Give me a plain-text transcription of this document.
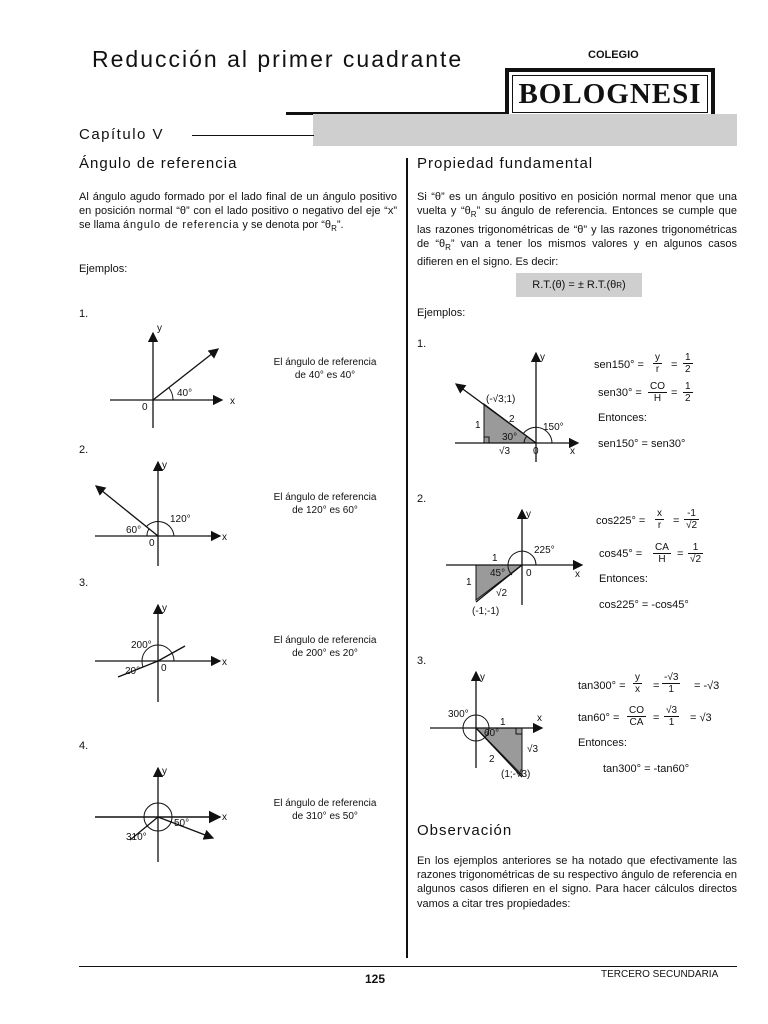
Reducción al primer cuadrante	COLEGIO
BOLOGNESI
Capítulo V
Ángulo de referencia	Propiedad fundamental
Al ángulo agudo formado por el lado final de un ángulo positivo en posición normal “θ” con el lado positivo o negativo del eje “x” se llama ángulo de referencia y se denota por “$\theta_R$”.
Ejemplos:
Si “θ” es un ángulo positivo en posición normal menor que una vuelta y “$\theta_R$” su ángulo de referencia. Entonces se cumple que las razones trigonométricas de “θ” y las razones trigonométricas de “$\theta_R$” van a tener los mismos valores y en algunos casos difieren en el signo. Es decir:
R.T.(θ) = ± R.T.(θ R )
Ejemplos:
1.
El ángulo de referencia
de 40° es 40°
2.
El ángulo de referencia
de 120° es 60°
3.
El ángulo de referencia
de 200° es 20°
4.
El ángulo de referencia
de 310° es 50°
1.
2.
3.
40°
0
x
y
120°
60°
0
x
y
200°
20° 0
x
y
50°
310°
x
y
(-√3;1)
1
2
30°
150°
√3 0	x
y
225°
1
1
45°
√2
(-1;-1)
0	x
y
300°
1
60°
2
√3
(1;-√3)
x
y
$sen150^\circ = \frac{y}{r} = \frac{1}{2}$
$sen30^\circ = \frac{CO}{H} = \frac{1}{2}$
Entonces:
sen150° = sen30°
$\cos 225^\circ = \frac{x}{r} = \frac{-1}{√2}$
$\cos 45^\circ = \frac{CA}{H} = \frac{1}{√2}$
Entonces:
cos225° = -cos45°
$\tan 300^\circ = \frac{y}{x} = \frac{-√3}{1} = -√3$
$\tan 60^\circ = \frac{CO}{CA} = \frac{√3}{1} = √3$
Entonces:
tan300° = -tan60°
Observación
En los ejemplos anteriores se ha notado que efectivamente las razones trigonométricas de su respectivo ángulo de referencia en algunos casos difieren en el signo. Para hacer cálculos directos vamos a citar tres propiedades:
125	TERCERO SECUNDARIA
